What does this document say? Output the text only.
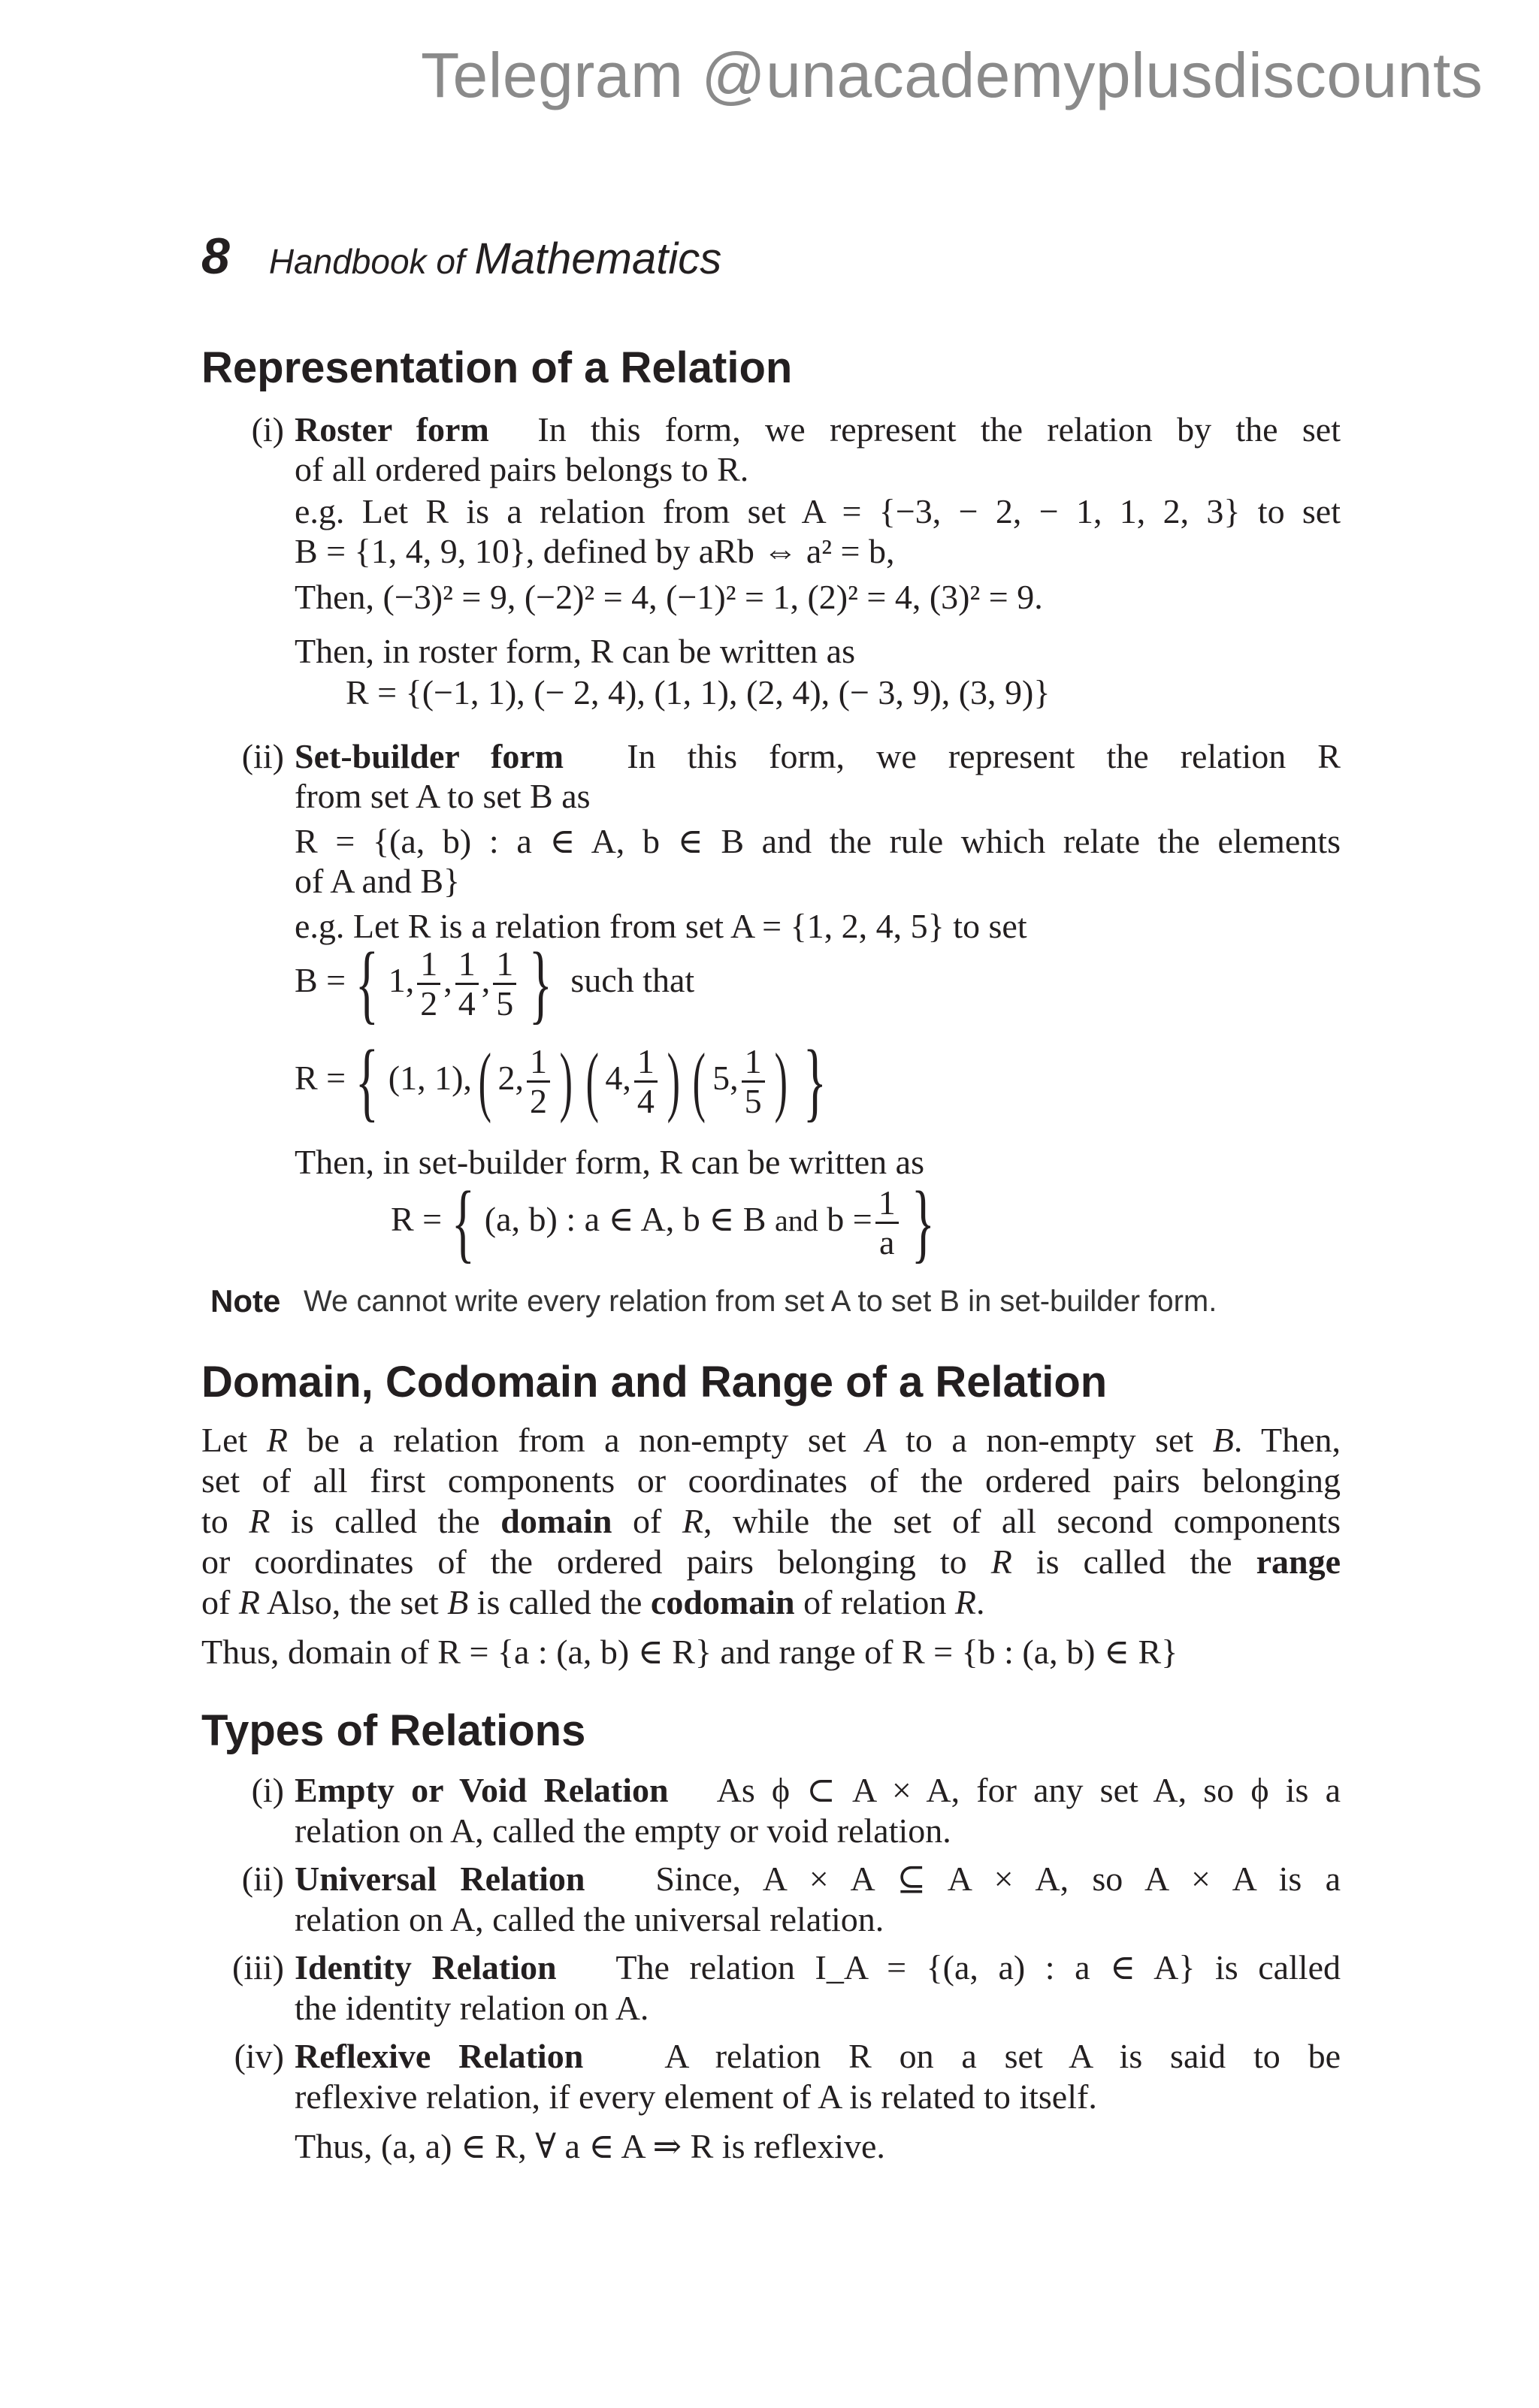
Telegram @unacademyplusdiscounts
8 Handbook of Mathematics
Representation of a Relation
(i) Roster form In this form, we represent the relation by the set
of all ordered pairs belongs to R.
e.g. Let R is a relation from set A = {−3, − 2, − 1, 1, 2, 3} to set
B = {1, 4, 9, 10}, defined by aRb ⇔ a² = b,
Then, (−3)² = 9, (−2)² = 4, (−1)² = 1, (2)² = 4, (3)² = 9.
Then, in roster form, R can be written as
R = {(−1, 1), (− 2, 4), (1, 1), (2, 4), (− 3, 9), (3, 9)}
(ii) Set-builder form In this form, we represent the relation R
from set A to set B as
R = {(a, b) : a ∈ A, b ∈ B and the rule which relate the elements
of A and B}
e.g. Let R is a relation from set A = {1, 2, 4, 5} to set
B = { 1, $\frac{1}{2}$ , $\frac{1}{4}$ , $\frac{1}{5}$ } such that
R = { (1, 1),( 2, $\frac{1}{2}$ ) ( 4, $\frac{1}{4}$ ) ( 5, $\frac{1}{5}$ ) }
Then, in set-builder form, R can be written as
R = { (a, b) : a ∈ A, b ∈ B and $b = \frac{1}{a}$ }
Note We cannot write every relation from set A to set B in set-builder form.
Domain, Codomain and Range of a Relation
Let R be a relation from a non-empty set A to a non-empty set B. Then,
set of all first components or coordinates of the ordered pairs belonging
to R is called the domain of R, while the set of all second components
or coordinates of the ordered pairs belonging to R is called the range
of R Also, the set B is called the codomain of relation R.
Thus, domain of R = {a : (a, b) ∈ R} and range of R = {b : (a, b) ∈ R}
Types of Relations
(i) Empty or Void Relation As ϕ ⊂ A × A, for any set A, so ϕ is a
relation on A, called the empty or void relation.
(ii) Universal Relation Since, A × A ⊆ A × A, so A × A is a
relation on A, called the universal relation.
(iii) Identity Relation The relation I_A = {(a, a) : a ∈ A} is called
the identity relation on A.
(iv) Reflexive Relation A relation R on a set A is said to be
reflexive relation, if every element of A is related to itself.
Thus, (a, a) ∈ R, ∀ a ∈ A ⇒ R is reflexive.
